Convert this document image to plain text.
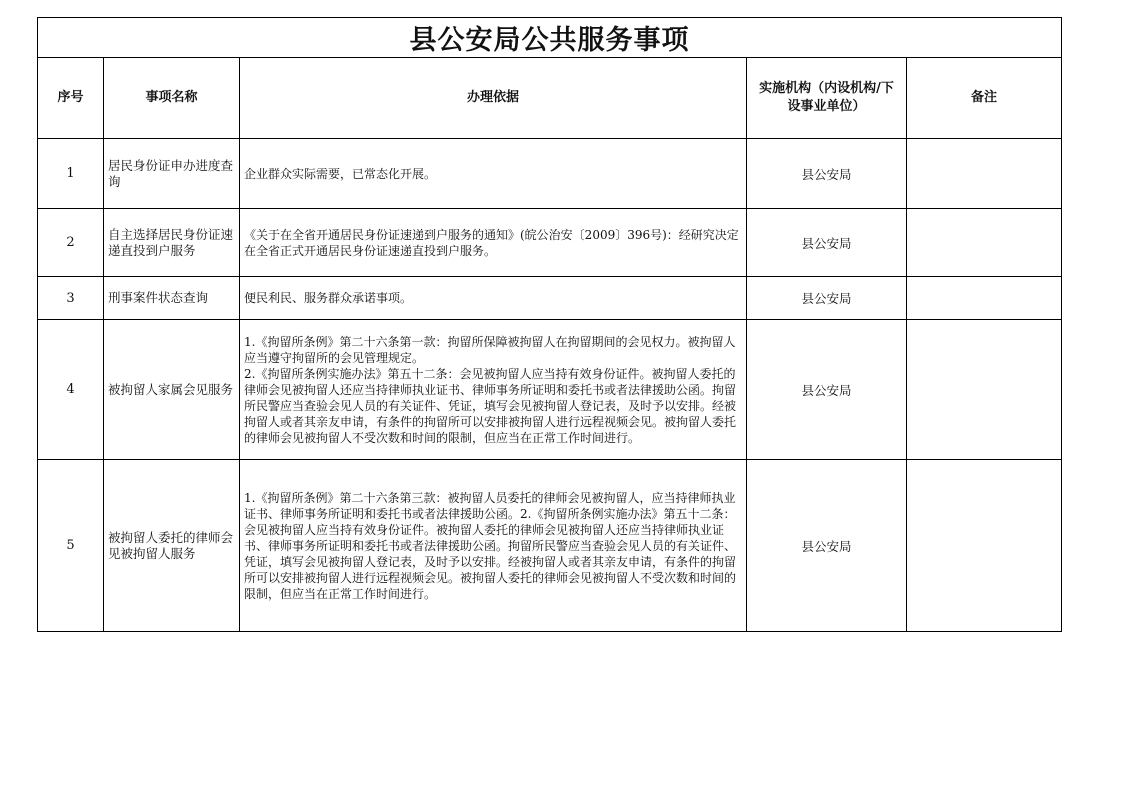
县公安局公共服务事项				
序号	事项名称	办理依据	实施机构（内设机构/下设事业单位）	备注
1	居民身份证申办进度查询	企业群众实际需要，已常态化开展。	县公安局	
2	自主选择居民身份证速递直投到户服务	《关于在全省开通居民身份证速递到户服务的通知》(皖公治安〔2009〕396号)：经研究决定在全省正式开通居民身份证速递直投到户服务。	县公安局	
3	刑事案件状态查询	便民利民、服务群众承诺事项。	县公安局	
4	被拘留人家属会见服务	1.《拘留所条例》第二十六条第一款：拘留所保障被拘留人在拘留期间的会见权力。被拘留人应当遵守拘留所的会见管理规定。
2.《拘留所条例实施办法》第五十二条：会见被拘留人应当持有效身份证件。被拘留人委托的律师会见被拘留人还应当持律师执业证书、律师事务所证明和委托书或者法律援助公函。拘留所民警应当查验会见人员的有关证件、凭证，填写会见被拘留人登记表，及时予以安排。经被拘留人或者其亲友申请，有条件的拘留所可以安排被拘留人进行远程视频会见。被拘留人委托的律师会见被拘留人不受次数和时间的限制，但应当在正常工作时间进行。	县公安局	
5	被拘留人委托的律师会见被拘留人服务	1.《拘留所条例》第二十六条第三款：被拘留人员委托的律师会见被拘留人，应当持律师执业证书、律师事务所证明和委托书或者法律援助公函。2.《拘留所条例实施办法》第五十二条：会见被拘留人应当持有效身份证件。被拘留人委托的律师会见被拘留人还应当持律师执业证书、律师事务所证明和委托书或者法律援助公函。拘留所民警应当查验会见人员的有关证件、凭证，填写会见被拘留人登记表，及时予以安排。经被拘留人或者其亲友申请，有条件的拘留所可以安排被拘留人进行远程视频会见。被拘留人委托的律师会见被拘留人不受次数和时间的限制，但应当在正常工作时间进行。	县公安局	
